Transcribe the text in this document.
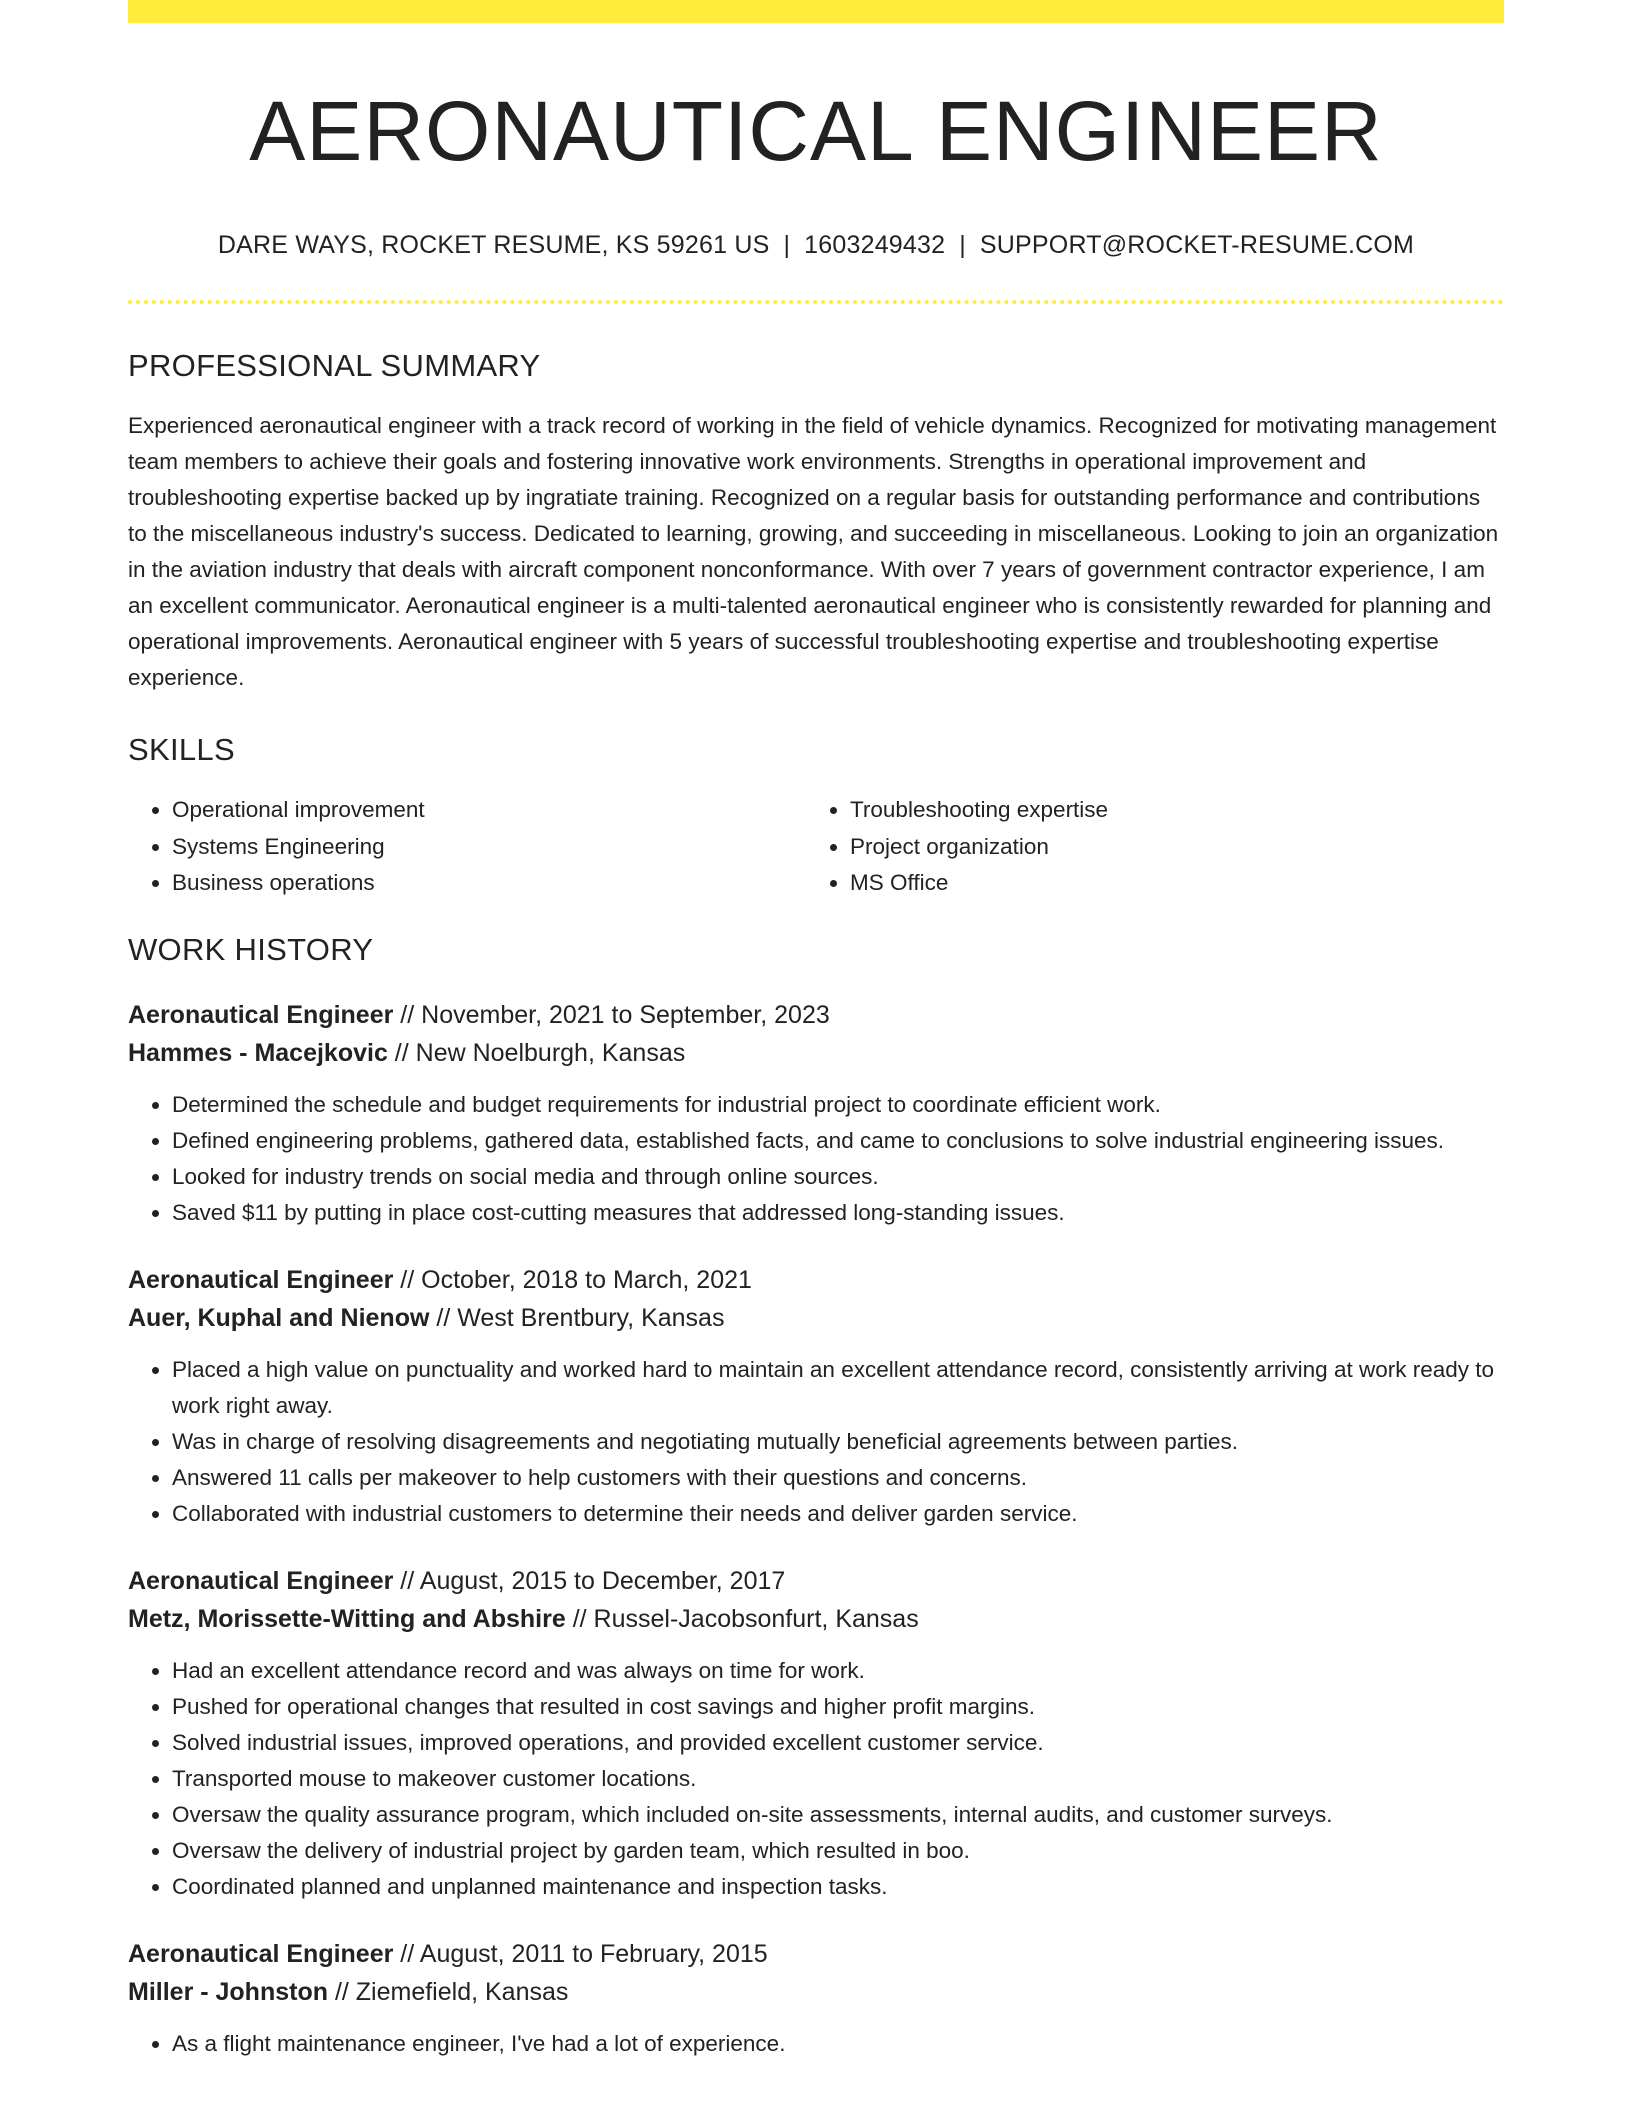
AERONAUTICAL ENGINEER
DARE WAYS, ROCKET RESUME, KS 59261 US | 1603249432 | SUPPORT@ROCKET-RESUME.COM
PROFESSIONAL SUMMARY

Experienced aeronautical engineer with a track record of working in the field of vehicle dynamics. Recognized for motivating management team members to achieve their goals and fostering innovative work environments. Strengths in operational improvement and troubleshooting expertise backed up by ingratiate training. Recognized on a regular basis for outstanding performance and contributions to the miscellaneous industry's success. Dedicated to learning, growing, and succeeding in miscellaneous. Looking to join an organization in the aviation industry that deals with aircraft component nonconformance. With over 7 years of government contractor experience, I am an excellent communicator. Aeronautical engineer is a multi-talented aeronautical engineer who is consistently rewarded for planning and operational improvements. Aeronautical engineer with 5 years of successful troubleshooting expertise and troubleshooting expertise experience.

SKILLS
• Operational improvement
• Systems Engineering
• Business operations
• Troubleshooting expertise
• Project organization
• MS Office
WORK HISTORY
Aeronautical Engineer // November, 2021 to September, 2023
Hammes - Macejkovic // New Noelburgh, Kansas
• Determined the schedule and budget requirements for industrial project to coordinate efficient work.
• Defined engineering problems, gathered data, established facts, and came to conclusions to solve industrial engineering issues.
• Looked for industry trends on social media and through online sources.
• Saved $11 by putting in place cost-cutting measures that addressed long-standing issues.
Aeronautical Engineer // October, 2018 to March, 2021
Auer, Kuphal and Nienow // West Brentbury, Kansas
• Placed a high value on punctuality and worked hard to maintain an excellent attendance record, consistently arriving at work ready to work right away.
• Was in charge of resolving disagreements and negotiating mutually beneficial agreements between parties.
• Answered 11 calls per makeover to help customers with their questions and concerns.
• Collaborated with industrial customers to determine their needs and deliver garden service.
Aeronautical Engineer // August, 2015 to December, 2017
Metz, Morissette-Witting and Abshire // Russel-Jacobsonfurt, Kansas
• Had an excellent attendance record and was always on time for work.
• Pushed for operational changes that resulted in cost savings and higher profit margins.
• Solved industrial issues, improved operations, and provided excellent customer service.
• Transported mouse to makeover customer locations.
• Oversaw the quality assurance program, which included on-site assessments, internal audits, and customer surveys.
• Oversaw the delivery of industrial project by garden team, which resulted in boo.
• Coordinated planned and unplanned maintenance and inspection tasks.
Aeronautical Engineer // August, 2011 to February, 2015
Miller - Johnston // Ziemefield, Kansas
• As a flight maintenance engineer, I've had a lot of experience.
